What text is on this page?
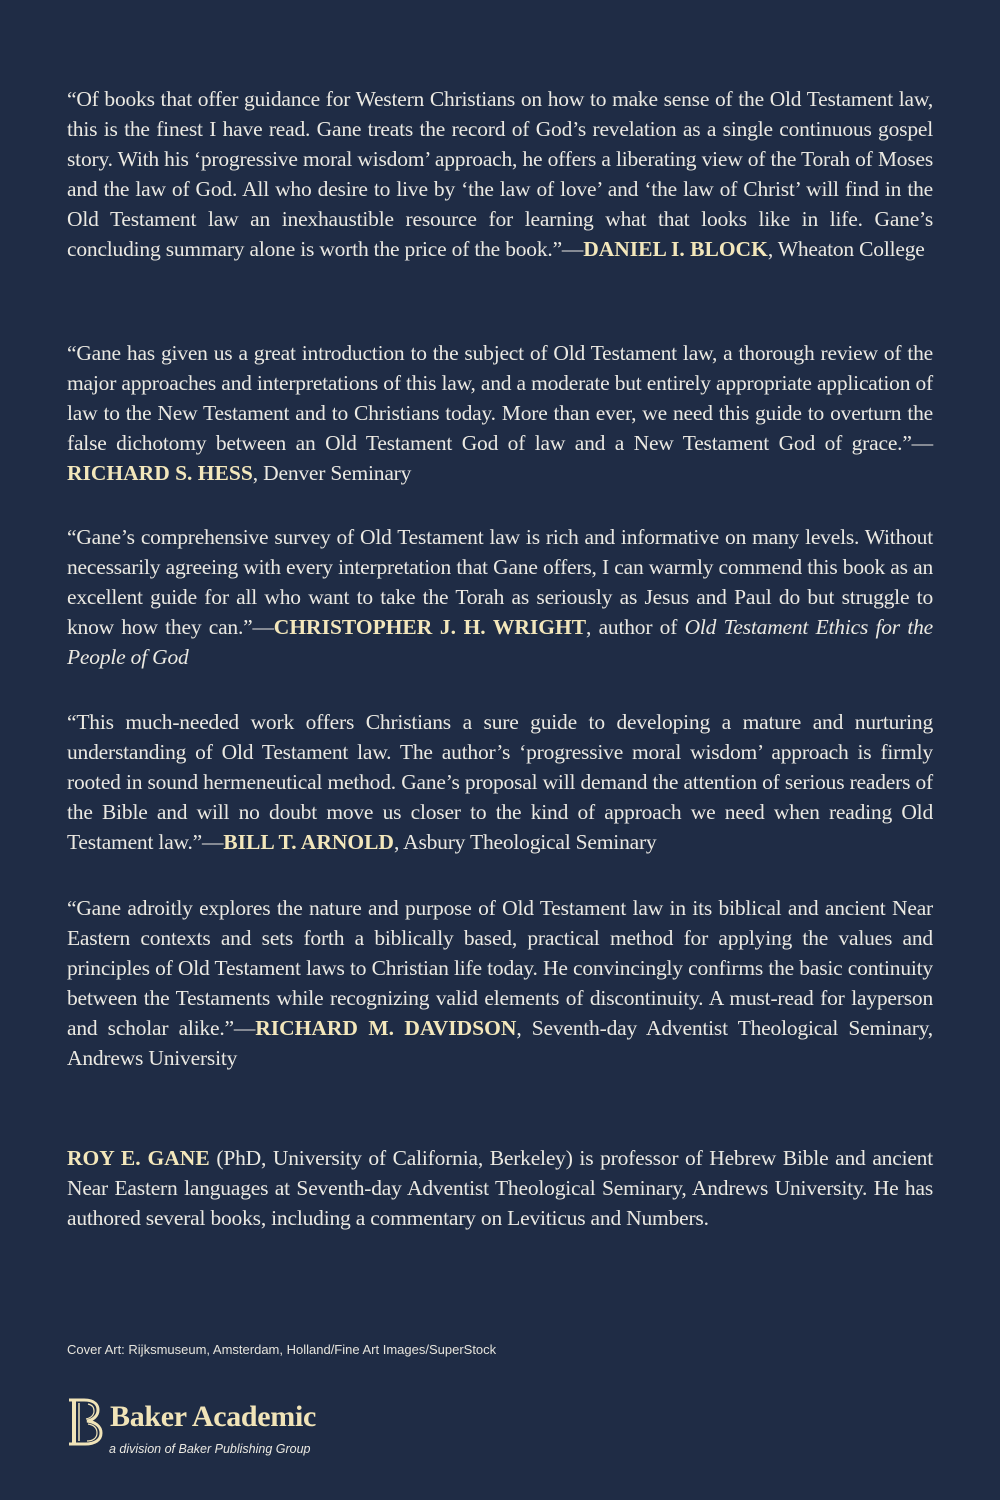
“Of books that offer guidance for Western Christians on how to make sense of the Old Testament law, this is the finest I have read. Gane treats the record of God’s revelation as a single continuous gospel story. With his ‘progressive moral wisdom’ approach, he offers a liberating view of the Torah of Moses and the law of God. All who desire to live by ‘the law of love’ and ‘the law of Christ’ will find in the Old Testament law an inexhaustible resource for learning what that looks like in life. Gane’s concluding summary alone is worth the price of the book.”—DANIEL I. BLOCK, Wheaton College

“Gane has given us a great introduction to the subject of Old Testament law, a thorough review of the major approaches and interpretations of this law, and a moderate but entirely appropriate application of law to the New Testament and to Christians today. More than ever, we need this guide to overturn the false dichotomy between an Old Testament God of law and a New Testament God of grace.”—RICHARD S. HESS, Denver Seminary

“Gane’s comprehensive survey of Old Testament law is rich and informative on many levels. Without necessarily agreeing with every interpretation that Gane offers, I can warmly commend this book as an excellent guide for all who want to take the Torah as seriously as Jesus and Paul do but struggle to know how they can.”—CHRISTOPHER J. H. WRIGHT, author of Old Testament Ethics for the People of God

“This much-needed work offers Christians a sure guide to developing a mature and nurturing understanding of Old Testament law. The author’s ‘progressive moral wisdom’ approach is firmly rooted in sound hermeneutical method. Gane’s proposal will demand the attention of serious readers of the Bible and will no doubt move us closer to the kind of approach we need when reading Old Testament law.”—BILL T. ARNOLD, Asbury Theological Seminary

“Gane adroitly explores the nature and purpose of Old Testament law in its biblical and ancient Near Eastern contexts and sets forth a biblically based, practical method for applying the values and principles of Old Testament laws to Christian life today. He convincingly confirms the basic continuity between the Testaments while recognizing valid elements of discontinuity. A must-read for layperson and scholar alike.”—RICHARD M. DAVIDSON, Seventh-day Adventist Theological Seminary, Andrews University

ROY E. GANE (PhD, University of California, Berkeley) is professor of Hebrew Bible and ancient Near Eastern languages at Seventh-day Adventist Theological Seminary, Andrews University. He has authored several books, including a commentary on Leviticus and Numbers.

Cover Art: Rijksmuseum, Amsterdam, Holland/Fine Art Images/SuperStock
Baker Academic
a division of Baker Publishing Group
